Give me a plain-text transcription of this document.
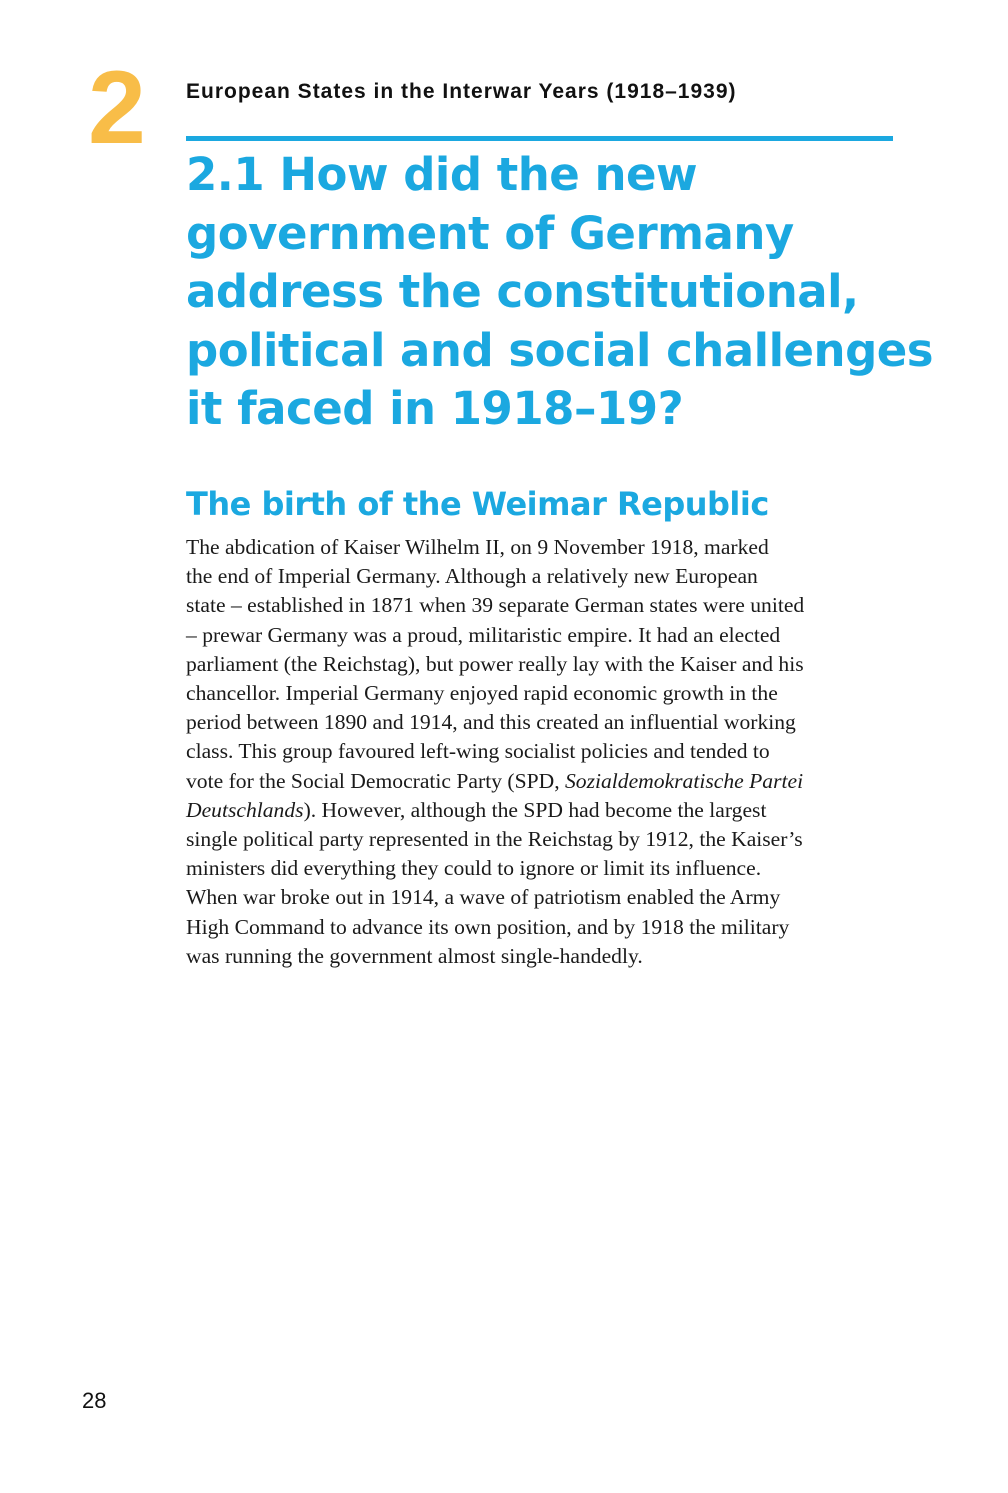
2 European States in the Interwar Years (1918–1939)
2.1 How did the new
government of Germany
address the constitutional,
political and social challenges
it faced in 1918–19?
The birth of the Weimar Republic
The abdication of Kaiser Wilhelm II, on 9 November 1918, marked
the end of Imperial Germany. Although a relatively new European
state – established in 1871 when 39 separate German states were united
– prewar Germany was a proud, militaristic empire. It had an elected
parliament (the Reichstag), but power really lay with the Kaiser and his
chancellor. Imperial Germany enjoyed rapid economic growth in the
period between 1890 and 1914, and this created an influential working
class. This group favoured left-wing socialist policies and tended to
vote for the Social Democratic Party (SPD, Sozialdemokratische Partei
Deutschlands). However, although the SPD had become the largest
single political party represented in the Reichstag by 1912, the Kaiser’s
ministers did everything they could to ignore or limit its influence.
When war broke out in 1914, a wave of patriotism enabled the Army
High Command to advance its own position, and by 1918 the military
was running the government almost single-handedly.
28
